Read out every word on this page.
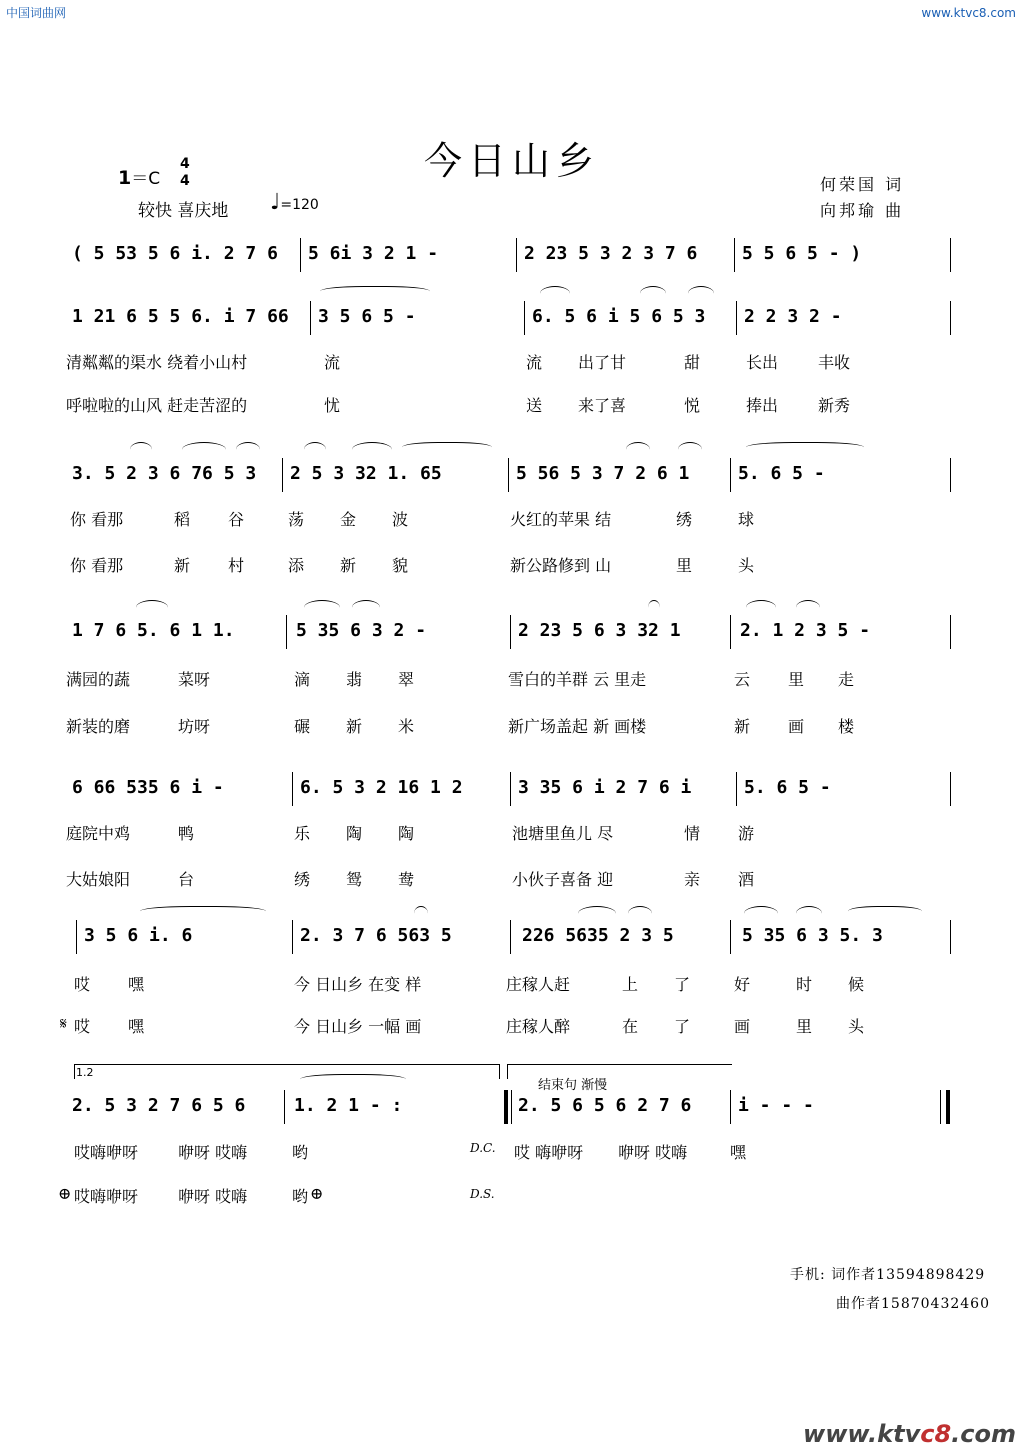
中国词曲网	www.ktvc8.com
今日山乡
1＝C
4
4
较快 喜庆地 ♩=120
何荣国 词
向邦瑜 曲
( 5 53 5 6 i. 2 7 6 5 6i 3 2 1 -	2 23 5 3 2 3 7 6 5 5 6 5 - )
1 21 6 5 5 6. i 7 66 3 5 6 5 -	6. 5 6 i 5 6 5 3 2 2 3 2 -
清粼粼的渠水 绕着小山村	流	流 出了甘	甜	长出 丰收
呼啦啦的山风 赶走苦涩的	忧	送 来了喜	悦	捧出 新秀
3. 5 2 3 6 76 5 3 2 5 3 32 1. 65	5 56 5 3 7 2 6 1	5. 6 5 -
你 看那	稻 谷	荡 金 波	火红的苹果 结	绣	球
你 看那	新 村	添 新 貌	新公路修到 山	里	头
1 7 6 5. 6 1 1.	5 35 6 3 2 -	2 23 5 6 3 32 1	2. 1 2 3 5 -
满园的蔬	菜呀	滴 翡 翠	雪白的羊群 云 里走	云 里 走
新装的磨	坊呀	碾 新 米	新广场盖起 新 画楼	新 画 楼
6 66 535 6 i -	6. 5 3 2 16 1 2	3 35 6 i 2 7 6 i	5. 6 5 -
庭院中鸡	鸭	乐 陶 陶	池塘里鱼儿 尽	情 游
大姑娘阳	台	绣 鸳 鸯	小伙子喜备 迎	亲 酒
3 5 6 i. 6	2. 3 7 6 563 5	226 5635 2 3 5	5 35 6 3 5. 3
哎 嘿	今 日山乡 在变 样	庄稼人赶	上 了	好	时 候
𝄋 哎 嘿	今 日山乡 一幅 画	庄稼人醉	在 了	画	里 头
1.2
结束句 渐慢
2. 5 3 2 7 6 5 6	1. 2 1 - :	2. 5 6 5 6 2 7 6	i - - -
哎嗨咿呀 咿呀 哎嗨	哟	D.C. 哎 嗨咿呀 咿呀 哎嗨	嘿
⊕ 哎嗨咿呀 咿呀 哎嗨	哟 ⊕	D.S.
手机: 词作者13594898429
曲作者15870432460
www.ktvc8.com
